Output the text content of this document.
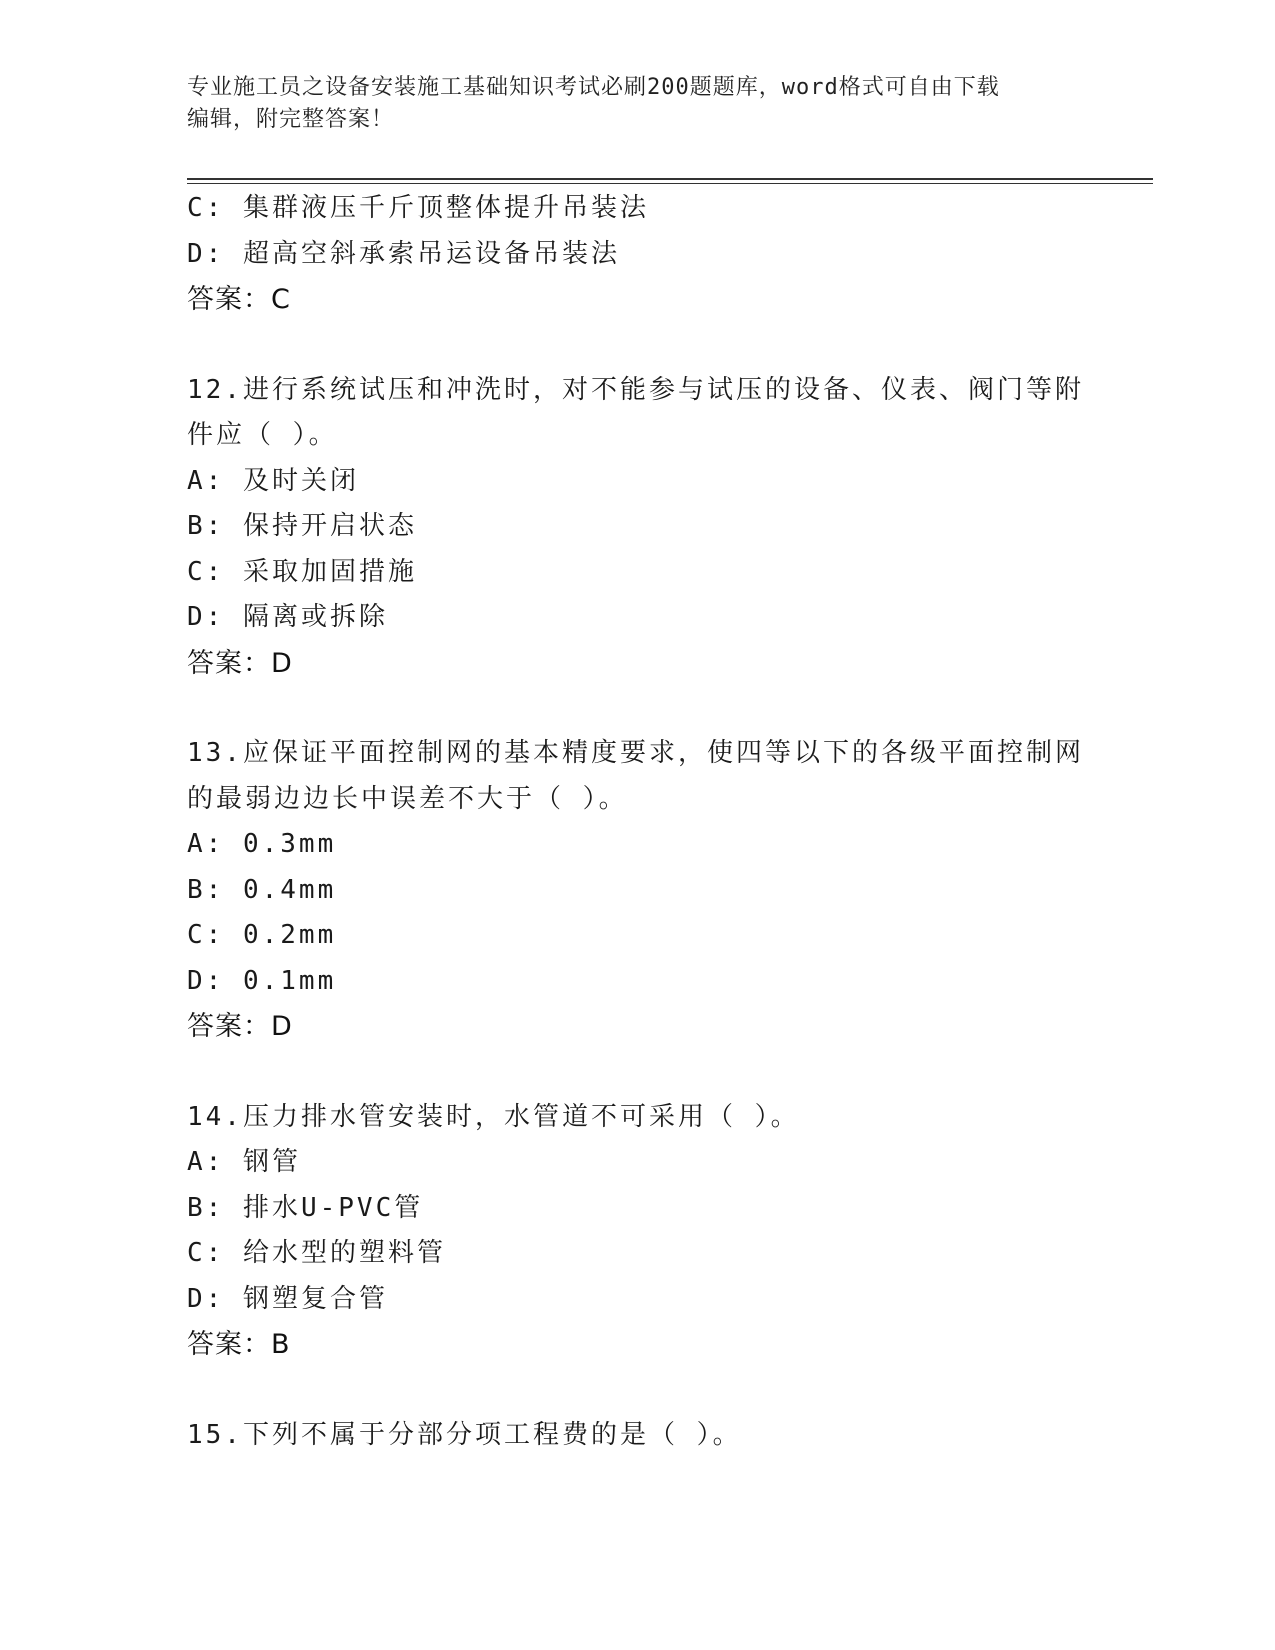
专业施工员之设备安装施工基础知识考试必刷200题题库，word格式可自由下载
编辑，附完整答案！
C: 集群液压千斤顶整体提升吊装法
D: 超高空斜承索吊运设备吊装法
答案：C
12.进行系统试压和冲洗时，对不能参与试压的设备、仪表、阀门等附
件应（ ）。
A: 及时关闭
B: 保持开启状态
C: 采取加固措施
D: 隔离或拆除
答案：D
13.应保证平面控制网的基本精度要求，使四等以下的各级平面控制网
的最弱边边长中误差不大于（ ）。
A: 0.3mm
B: 0.4mm
C: 0.2mm
D: 0.1mm
答案：D
14.压力排水管安装时，水管道不可采用（ ）。
A: 钢管
B: 排水U-PVC管
C: 给水型的塑料管
D: 钢塑复合管
答案：B
15.下列不属于分部分项工程费的是（ ）。
